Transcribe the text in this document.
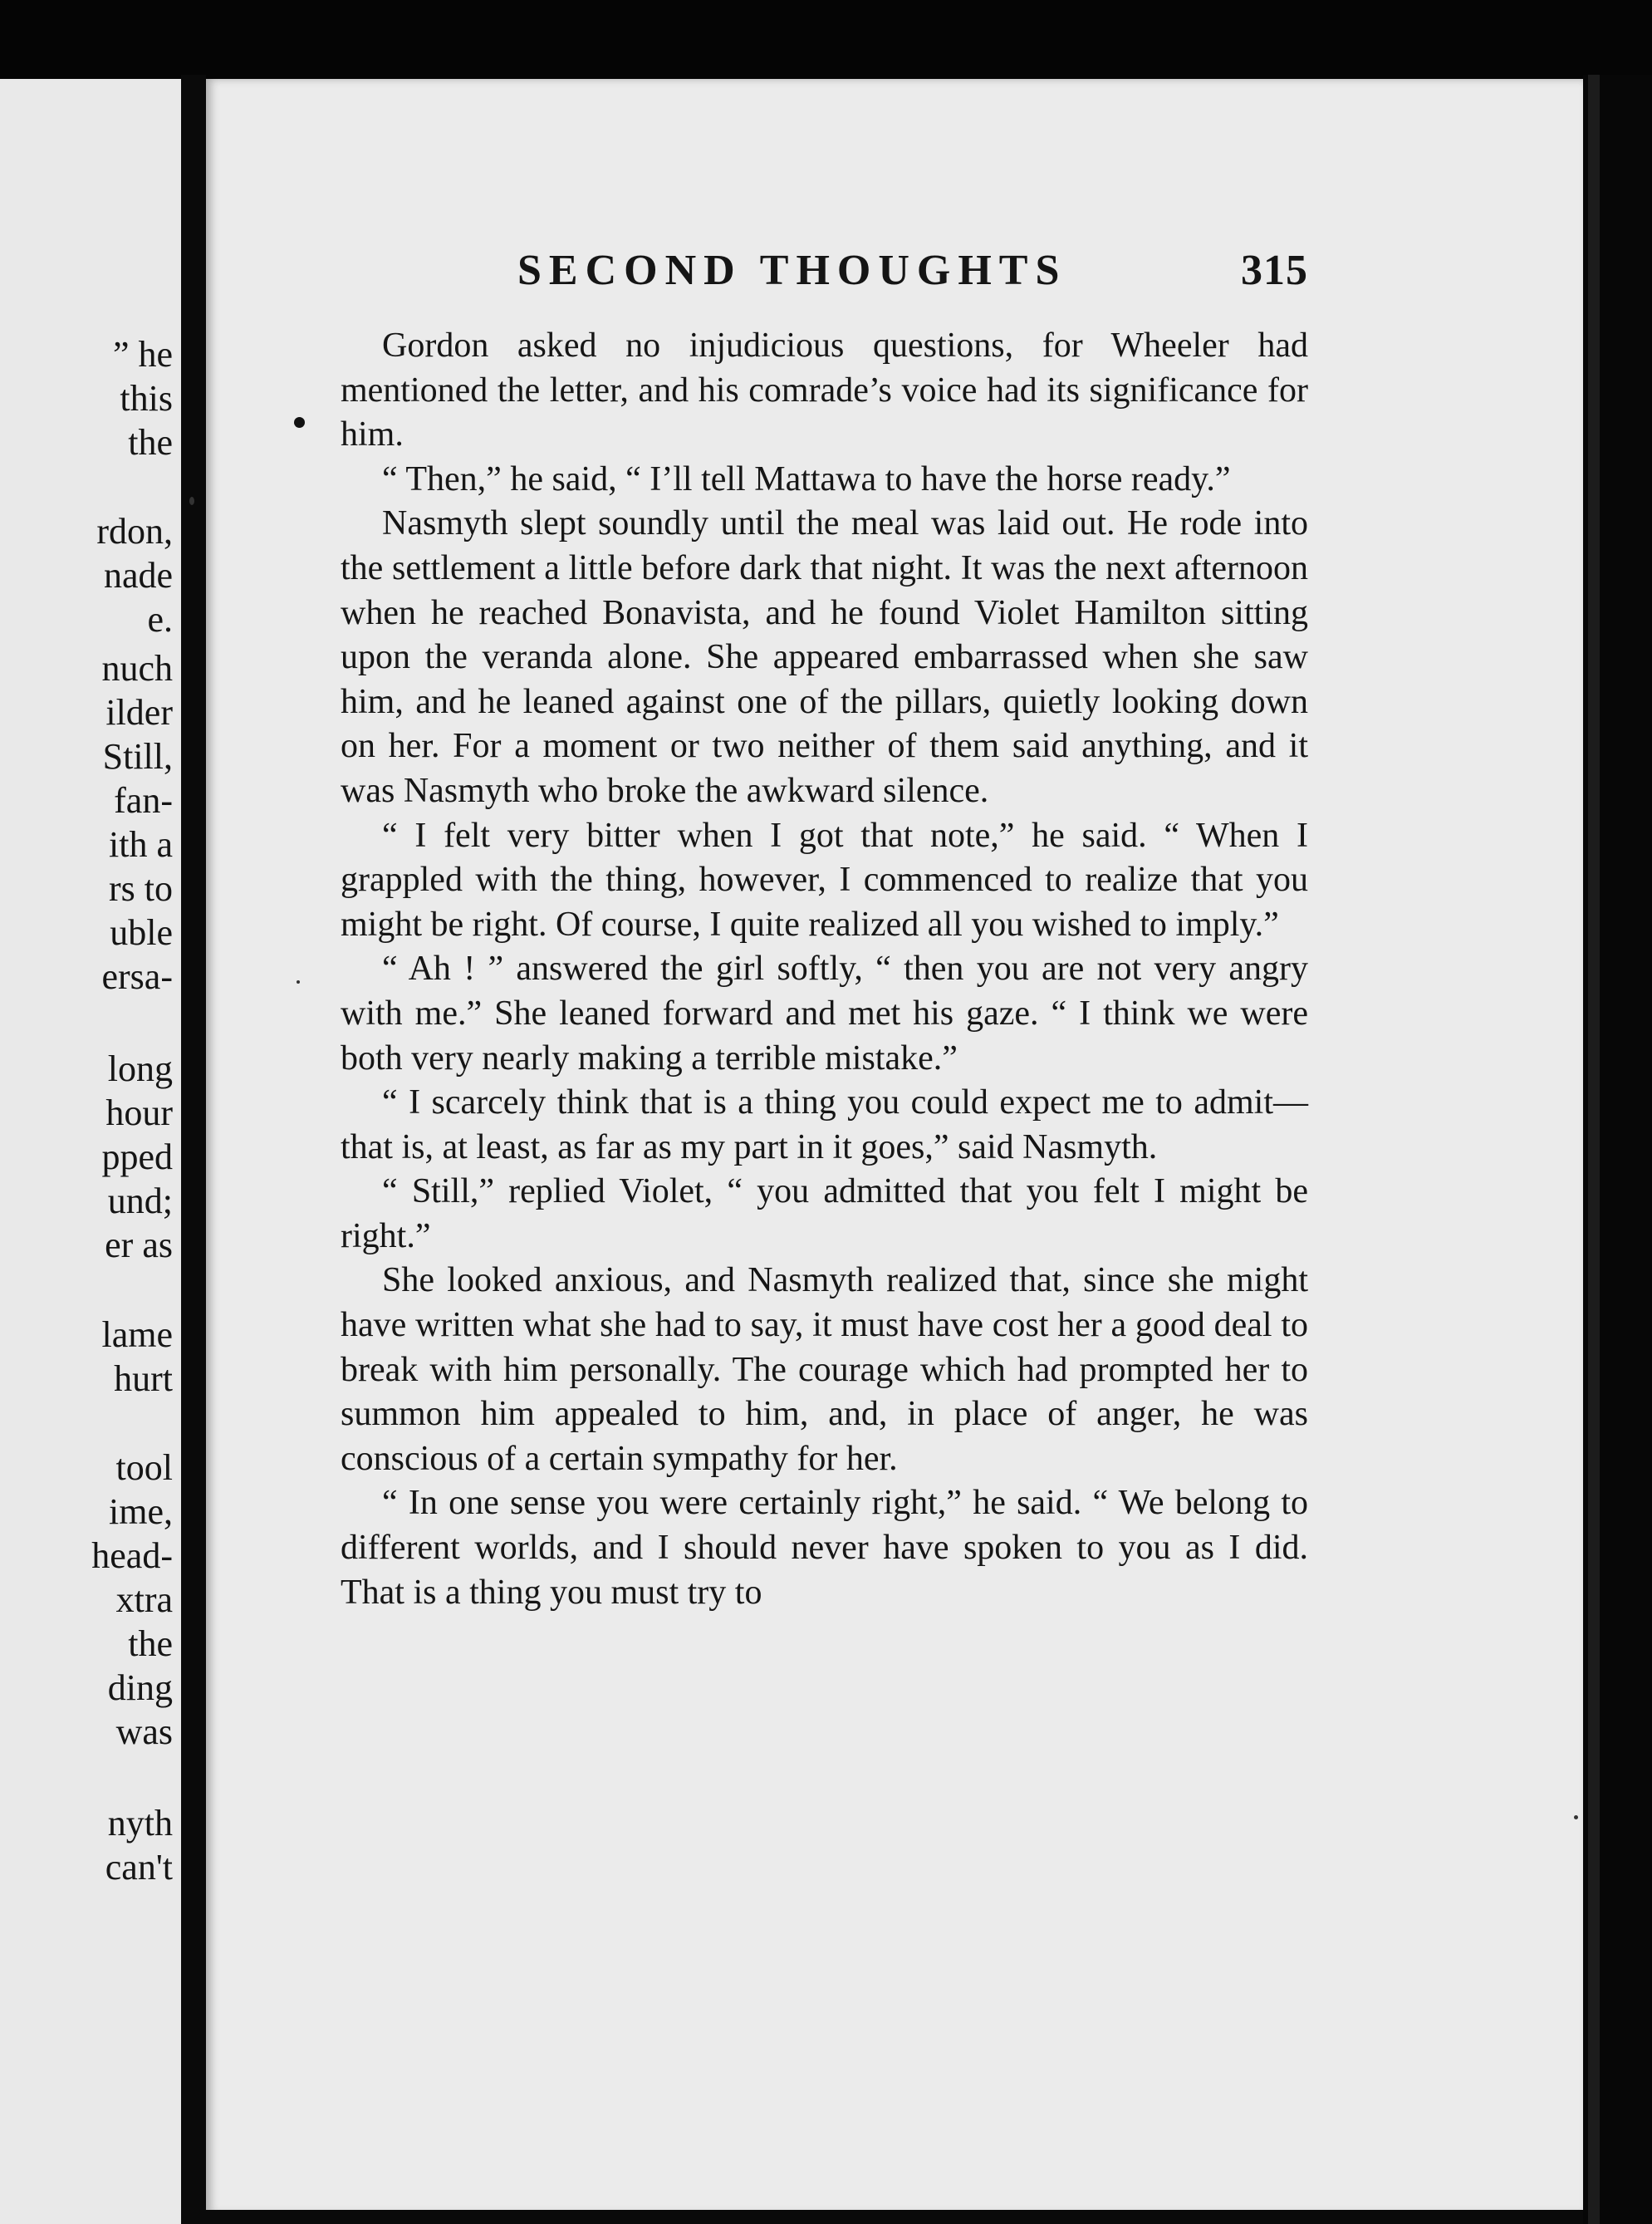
” he
this
the
rdon,
nade
e.
nuch
ilder
Still,
fan-
ith a
rs to
uble
ersa-
long
hour
pped
und;
er as
lame
hurt
tool
ime,
head-
xtra
the
ding
was
nyth
can't
SECOND THOUGHTS	315

Gordon asked no injudicious questions, for Wheeler had mentioned the letter, and his comrade’s voice had its significance for him.

“ Then,” he said, “ I’ll tell Mattawa to have the horse ready.”

Nasmyth slept soundly until the meal was laid out. He rode into the settlement a little before dark that night. It was the next afternoon when he reached Bonavista, and he found Violet Hamilton sitting upon the veranda alone. She appeared embarrassed when she saw him, and he leaned against one of the pillars, quietly looking down on her. For a moment or two neither of them said anything, and it was Nasmyth who broke the awkward silence.

“ I felt very bitter when I got that note,” he said. “ When I grappled with the thing, however, I commenced to realize that you might be right. Of course, I quite realized all you wished to imply.”

“ Ah ! ” answered the girl softly, “ then you are not very angry with me.” She leaned forward and met his gaze. “ I think we were both very nearly making a terrible mistake.”

“ I scarcely think that is a thing you could expect me to admit—that is, at least, as far as my part in it goes,” said Nasmyth.

“ Still,” replied Violet, “ you admitted that you felt I might be right.”

She looked anxious, and Nasmyth realized that, since she might have written what she had to say, it must have cost her a good deal to break with him personally. The courage which had prompted her to summon him appealed to him, and, in place of anger, he was conscious of a certain sympathy for her.

“ In one sense you were certainly right,” he said. “ We belong to different worlds, and I should never have spoken to you as I did. That is a thing you must try to
